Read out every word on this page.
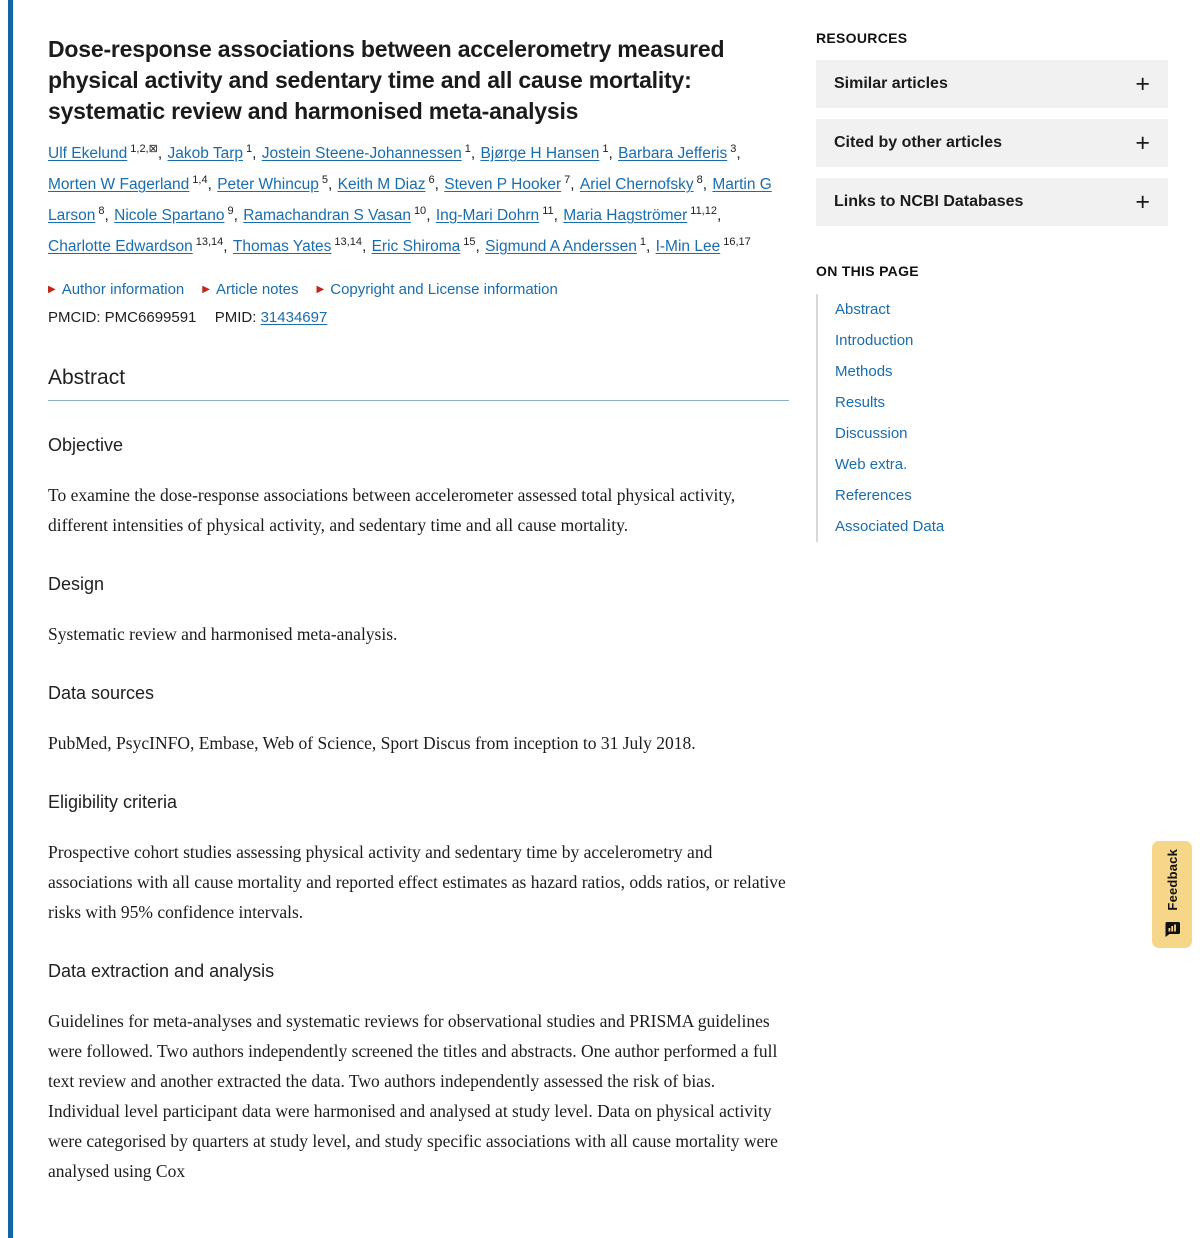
Dose-response associations between accelerometry measured physical activity and sedentary time and all cause mortality: systematic review and harmonised meta-analysis

Ulf Ekelund $^{1,2,⊠}$, Jakob Tarp $^1$, Jostein Steene-Johannessen $^1$, Bjørge H Hansen $^1$, Barbara Jefferis $^3$, Morten W Fagerland $^{1,4}$, Peter Whincup $^5$, Keith M Diaz $^6$, Steven P Hooker $^7$, Ariel Chernofsky $^8$, Martin G Larson $^8$, Nicole Spartano $^9$, Ramachandran S Vasan $^{10}$, Ing-Mari Dohrn $^{11}$, Maria Hagströmer $^{11,12}$, Charlotte Edwardson $^{13,14}$, Thomas Yates $^{13,14}$, Eric Shiroma $^{15}$, Sigmund A Anderssen $^1$, I-Min Lee $^{16,17}$

▶ Author information ▶ Article notes ▶ Copyright and License information

PMCID: PMC6699591 PMID: 31434697

Abstract
Objective

To examine the dose-response associations between accelerometer assessed total physical activity, different intensities of physical activity, and sedentary time and all cause mortality.

Design

Systematic review and harmonised meta-analysis.

Data sources

PubMed, PsycINFO, Embase, Web of Science, Sport Discus from inception to 31 July 2018.

Eligibility criteria

Prospective cohort studies assessing physical activity and sedentary time by accelerometry and associations with all cause mortality and reported effect estimates as hazard ratios, odds ratios, or relative risks with 95% confidence intervals.

Data extraction and analysis

Guidelines for meta-analyses and systematic reviews for observational studies and PRISMA guidelines were followed. Two authors independently screened the titles and abstracts. One author performed a full text review and another extracted the data. Two authors independently assessed the risk of bias. Individual level participant data were harmonised and analysed at study level. Data on physical activity were categorised by quarters at study level, and study specific associations with all cause mortality were analysed using Cox

RESOURCES
Similar articles	+
Cited by other articles	+
Links to NCBI Databases	+
ON THIS PAGE
Abstract
Introduction
Methods
Results
Discussion
Web extra.
References
Associated Data
Feedback
